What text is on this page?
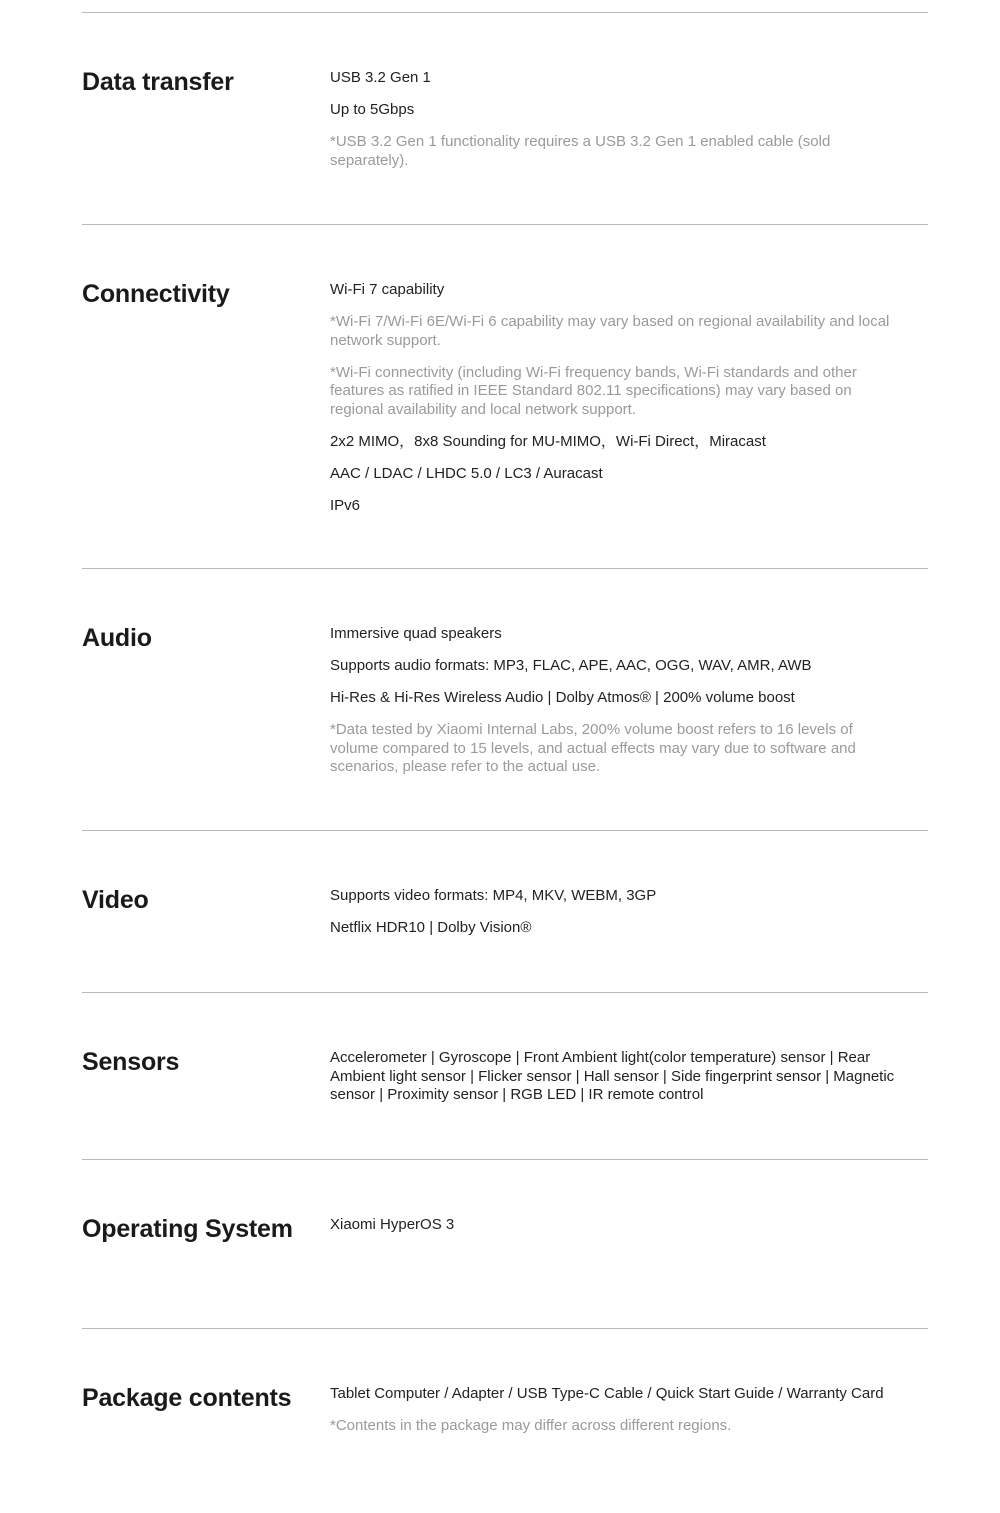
Data transfer	USB 3.2 Gen 1
Up to 5Gbps
*USB 3.2 Gen 1 functionality requires a USB 3.2 Gen 1 enabled cable (sold separately).
Connectivity	Wi-Fi 7 capability
*Wi-Fi 7/Wi-Fi 6E/Wi-Fi 6 capability may vary based on regional availability and local network support.
*Wi-Fi connectivity (including Wi-Fi frequency bands, Wi-Fi standards and other features as ratified in IEEE Standard 802.11 specifications) may vary based on regional availability and local network support.
2x2 MIMO，8x8 Sounding for MU-MIMO，Wi-Fi Direct，Miracast
AAC / LDAC / LHDC 5.0 / LC3 / Auracast
IPv6
Audio	Immersive quad speakers
Supports audio formats: MP3, FLAC, APE, AAC, OGG, WAV, AMR, AWB
Hi-Res & Hi-Res Wireless Audio | Dolby Atmos® | 200% volume boost
*Data tested by Xiaomi Internal Labs, 200% volume boost refers to 16 levels of volume compared to 15 levels, and actual effects may vary due to software and scenarios, please refer to the actual use.
Video	Supports video formats: MP4, MKV, WEBM, 3GP
Netflix HDR10 | Dolby Vision®
Sensors	Accelerometer | Gyroscope | Front Ambient light(color temperature) sensor | Rear Ambient light sensor | Flicker sensor | Hall sensor | Side fingerprint sensor | Magnetic sensor | Proximity sensor | RGB LED | IR remote control
Operating System	Xiaomi HyperOS 3
Package contents	Tablet Computer / Adapter / USB Type-C Cable / Quick Start Guide / Warranty Card
*Contents in the package may differ across different regions.
